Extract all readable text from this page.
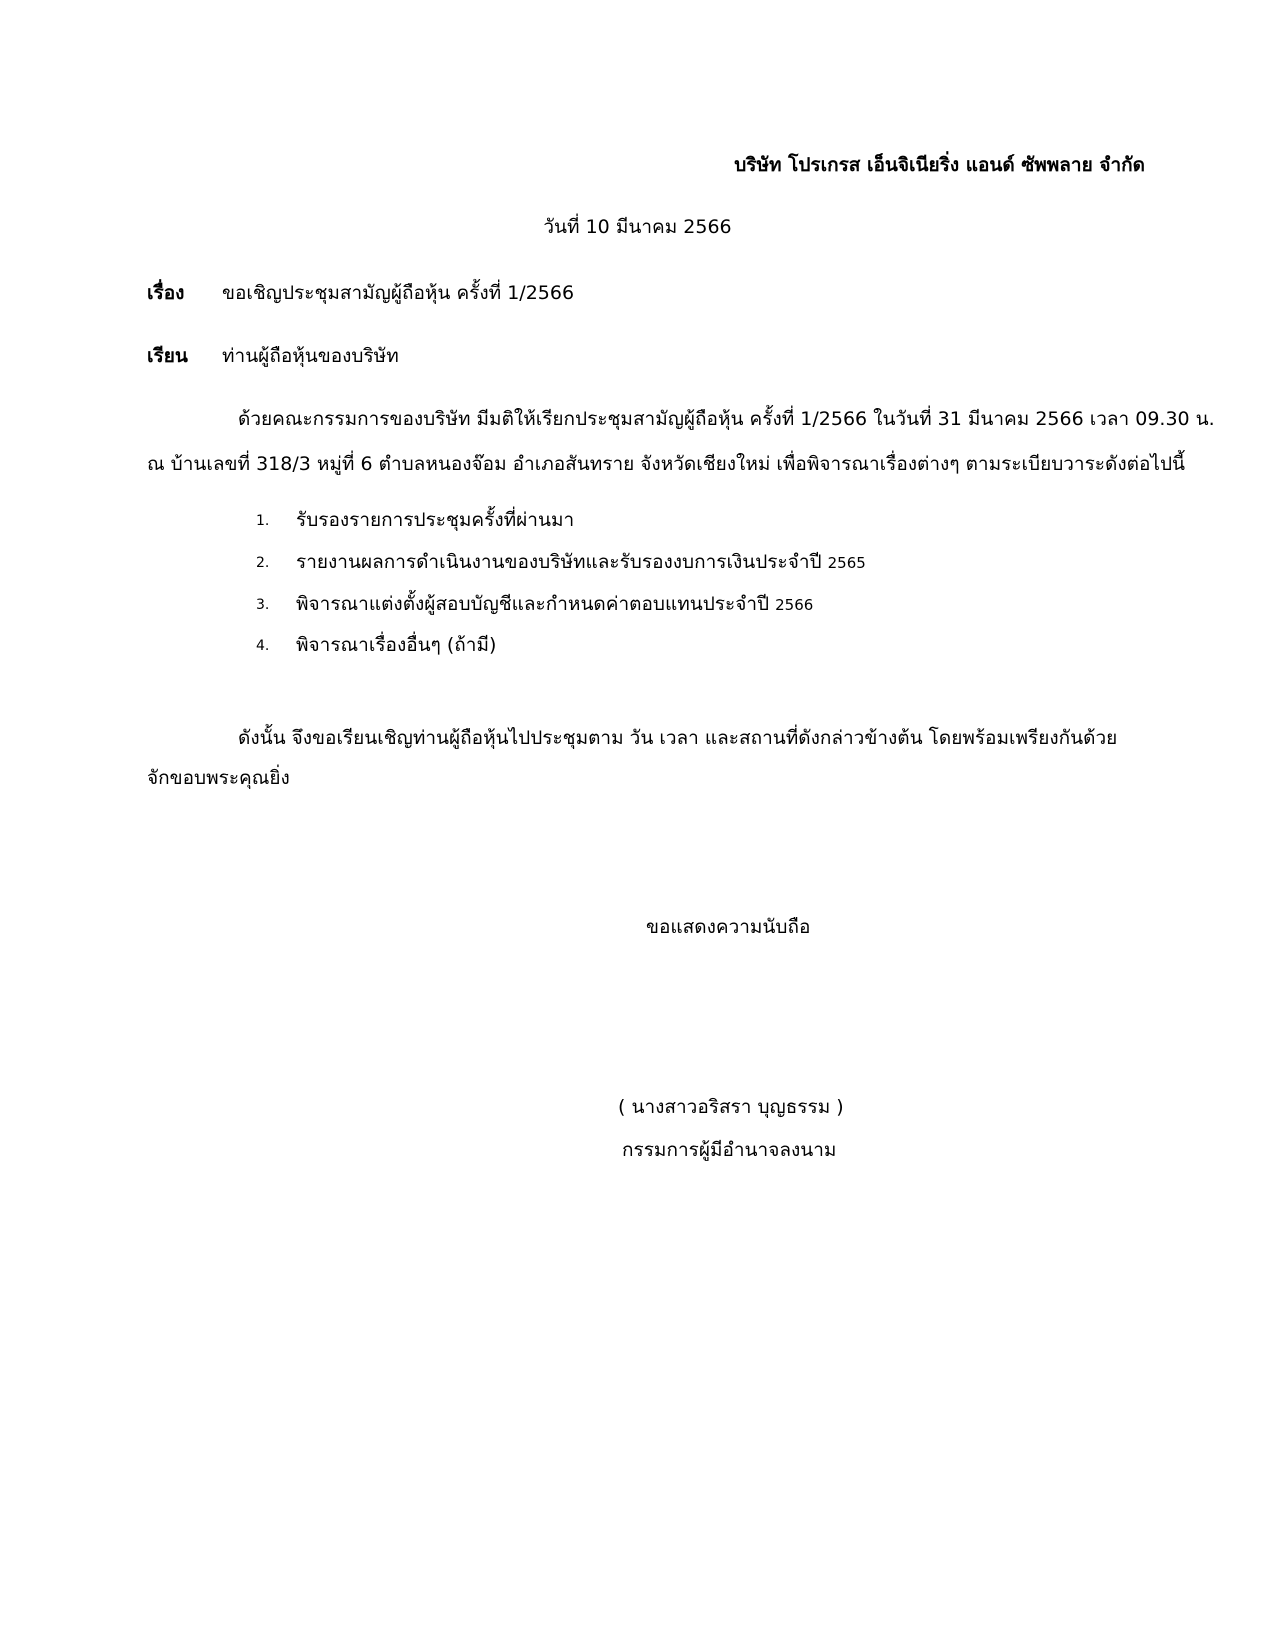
บริษัท โปรเกรส เอ็นจิเนียริ่ง แอนด์ ซัพพลาย จำกัด
วันที่ 10 มีนาคม 2566
เรื่อง ขอเชิญประชุมสามัญผู้ถือหุ้น ครั้งที่ 1/2566
เรียน ท่านผู้ถือหุ้นของบริษัท
ด้วยคณะกรรมการของบริษัท มีมติให้เรียกประชุมสามัญผู้ถือหุ้น ครั้งที่ 1/2566 ในวันที่ 31 มีนาคม 2566 เวลา 09.30 น.
ณ บ้านเลขที่ 318/3 หมู่ที่ 6 ตำบลหนองจ๊อม อำเภอสันทราย จังหวัดเชียงใหม่ เพื่อพิจารณาเรื่องต่างๆ ตามระเบียบวาระดังต่อไปนี้
1. รับรองรายการประชุมครั้งที่ผ่านมา
2. รายงานผลการดำเนินงานของบริษัทและรับรองงบการเงินประจำปี 2565
3. พิจารณาแต่งตั้งผู้สอบบัญชีและกำหนดค่าตอบแทนประจำปี 2566
4. พิจารณาเรื่องอื่นๆ (ถ้ามี)
ดังนั้น จึงขอเรียนเชิญท่านผู้ถือหุ้นไปประชุมตาม วัน เวลา และสถานที่ดังกล่าวข้างต้น โดยพร้อมเพรียงกันด้วย
จักขอบพระคุณยิ่ง
ขอแสดงความนับถือ
( นางสาวอริสรา บุญธรรม )
กรรมการผู้มีอำนาจลงนาม
